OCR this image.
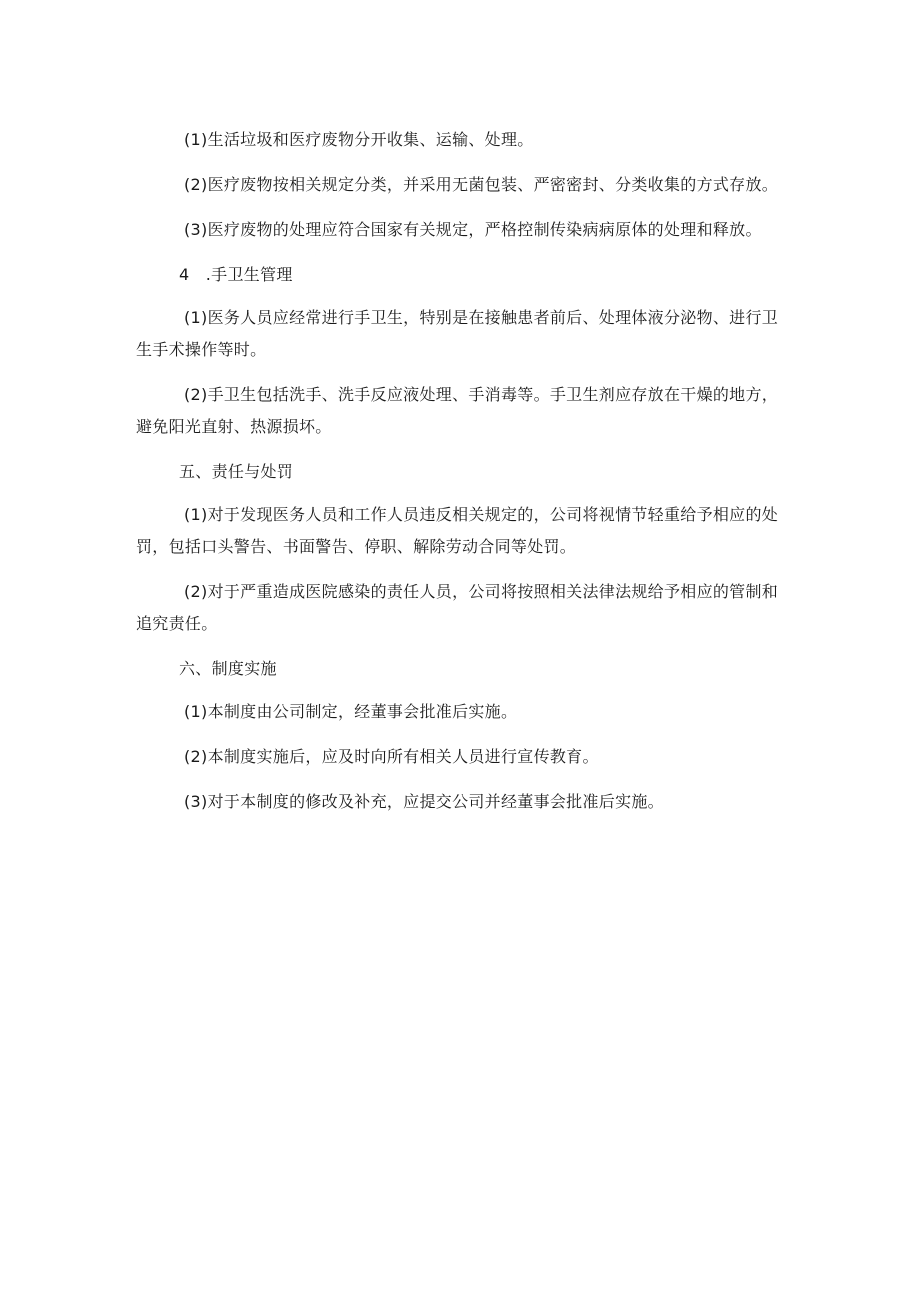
(1)生活垃圾和医疗废物分开收集、运输、处理。

(2)医疗废物按相关规定分类，并采用无菌包装、严密密封、分类收集的方式存放。

(3)医疗废物的处理应符合国家有关规定，严格控制传染病病原体的处理和释放。

4　.手卫生管理

(1)医务人员应经常进行手卫生，特别是在接触患者前后、处理体液分泌物、进行卫生手术操作等时。

(2)手卫生包括洗手、洗手反应液处理、手消毒等。手卫生剂应存放在干燥的地方，避免阳光直射、热源损坏。

五、责任与处罚

(1)对于发现医务人员和工作人员违反相关规定的，公司将视情节轻重给予相应的处罚，包括口头警告、书面警告、停职、解除劳动合同等处罚。

(2)对于严重造成医院感染的责任人员，公司将按照相关法律法规给予相应的管制和追究责任。

六、制度实施

(1)本制度由公司制定，经董事会批准后实施。

(2)本制度实施后，应及时向所有相关人员进行宣传教育。

(3)对于本制度的修改及补充，应提交公司并经董事会批准后实施。
